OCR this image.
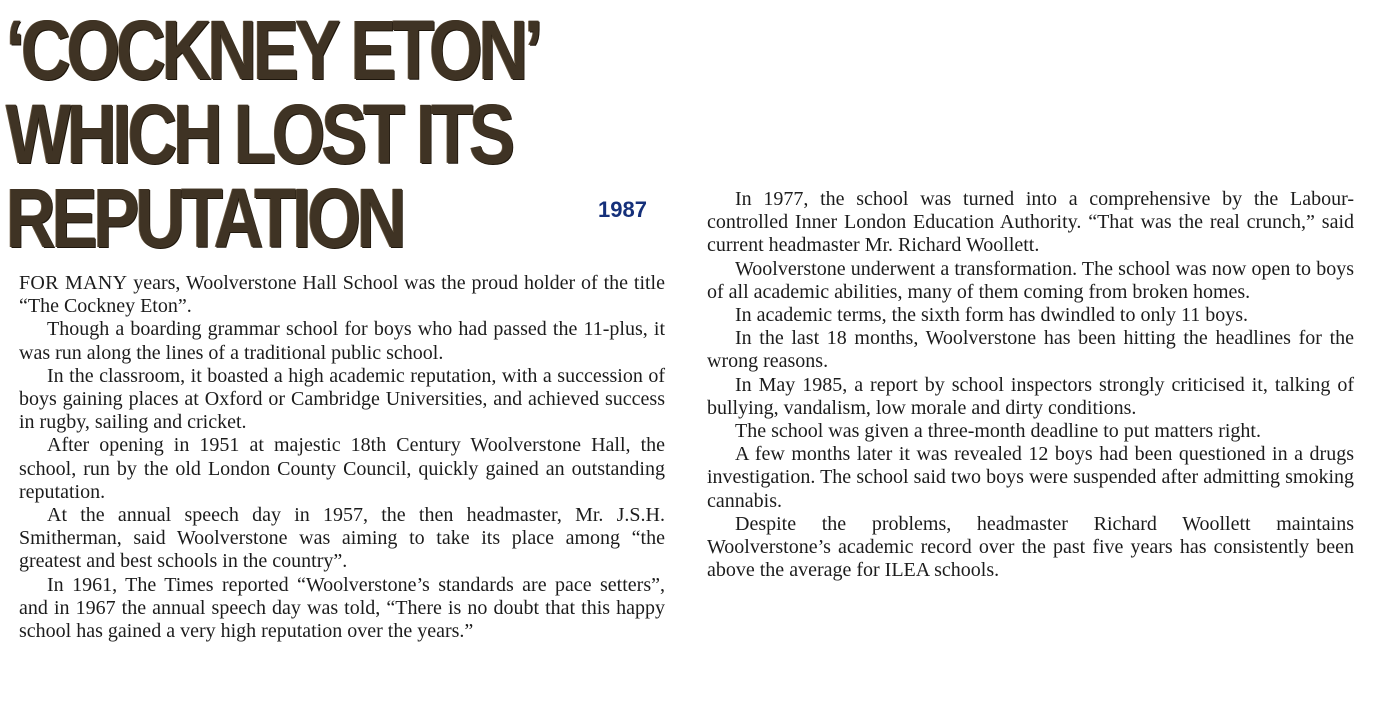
‘COCKNEY ETON’
WHICH LOST ITS
REPUTATION	1987

FOR MANY years, Woolverstone Hall School was the proud holder of the title “The Cockney Eton”.

Though a boarding grammar school for boys who had passed the 11-plus, it was run along the lines of a traditional public school.

In the classroom, it boasted a high academic reputation, with a succession of boys gaining places at Oxford or Cambridge Universities, and achieved success in rugby, sailing and cricket.

After opening in 1951 at majestic 18th Century Woolverstone Hall, the school, run by the old London County Council, quickly gained an outstanding reputation.

At the annual speech day in 1957, the then headmaster, Mr. J.S.H. Smitherman, said Woolverstone was aiming to take its place among “the greatest and best schools in the country”.

In 1961, The Times reported “Woolverstone’s standards are pace setters”, and in 1967 the annual speech day was told, “There is no doubt that this happy school has gained a very high reputation over the years.”

In 1977, the school was turned into a comprehensive by the Labour-controlled Inner London Education Authority. “That was the real crunch,” said current headmaster Mr. Richard Woollett.

Woolverstone underwent a transformation. The school was now open to boys of all academic abilities, many of them coming from broken homes.

In academic terms, the sixth form has dwindled to only 11 boys.

In the last 18 months, Woolverstone has been hitting the headlines for the wrong reasons.

In May 1985, a report by school inspectors strongly criticised it, talking of bullying, vandalism, low morale and dirty conditions.

The school was given a three-month deadline to put matters right.

A few months later it was revealed 12 boys had been questioned in a drugs investigation. The school said two boys were suspended after admitting smoking cannabis.

Despite the problems, headmaster Richard Woollett maintains Woolverstone’s academic record over the past five years has consistently been above the average for ILEA schools.
